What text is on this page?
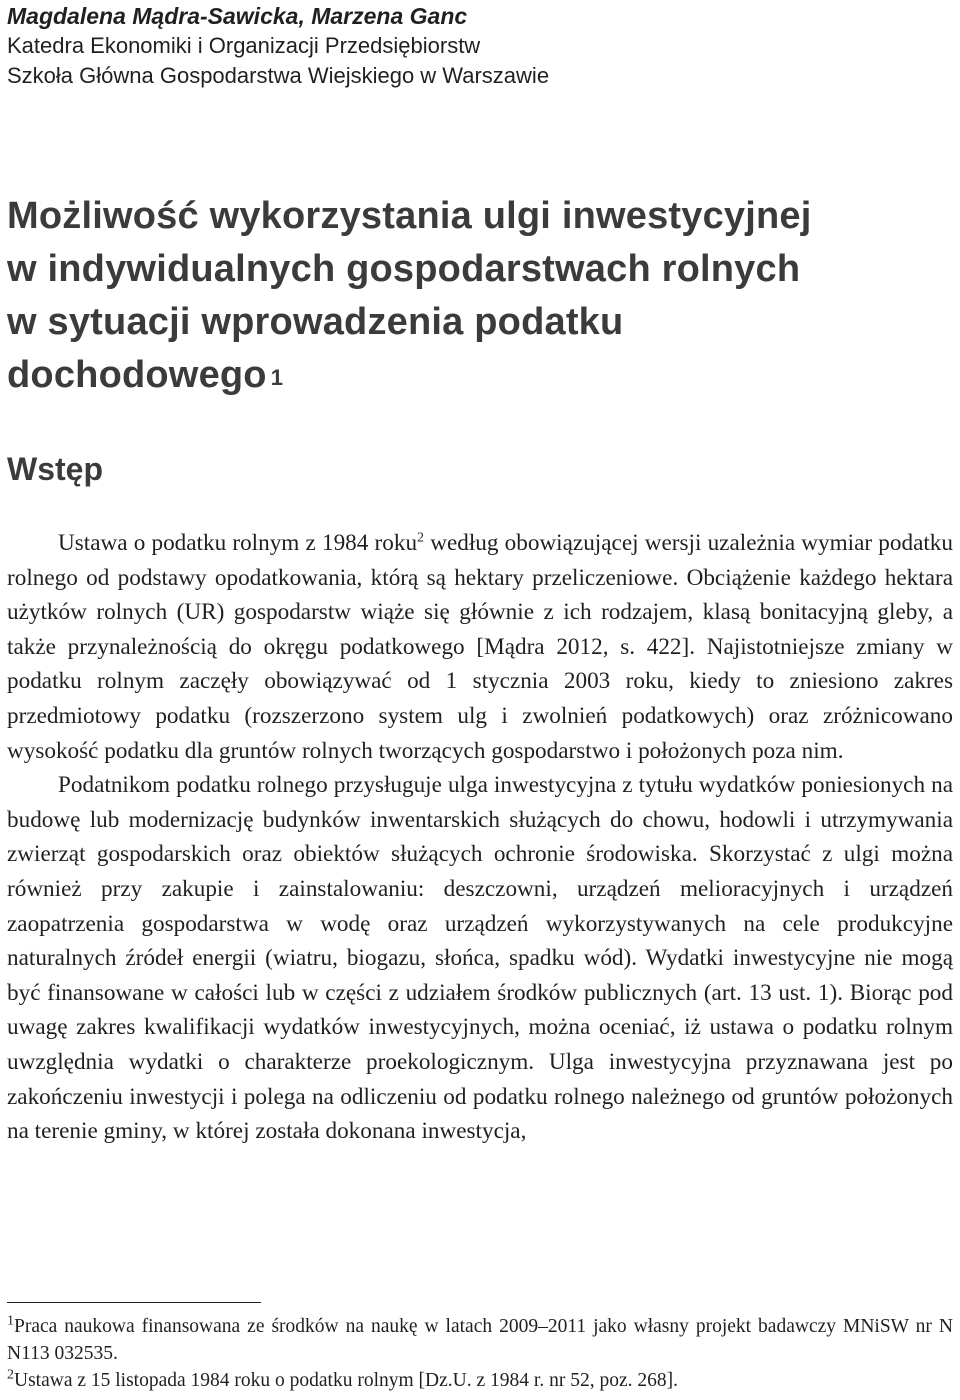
Magdalena Mądra-Sawicka, Marzena Ganc
Katedra Ekonomiki i Organizacji Przedsiębiorstw
Szkoła Główna Gospodarstwa Wiejskiego w Warszawie
Możliwość wykorzystania ulgi inwestycyjnej
w indywidualnych gospodarstwach rolnych
w sytuacji wprowadzenia podatku
dochodowego $^1$
Wstęp

Ustawa o podatku rolnym z 1984 roku$^2$ według obowiązującej wersji uzależnia wymiar podatku rolnego od podstawy opodatkowania, którą są hektary przeliczeniowe. Obciążenie każdego hektara użytków rolnych (UR) gospodarstw wiąże się głównie z ich rodzajem, klasą bonitacyjną gleby, a także przynależnością do okręgu podatkowego [Mądra 2012, s. 422]. Najistotniejsze zmiany w podatku rolnym zaczęły obowiązywać od 1 stycznia 2003 roku, kiedy to zniesiono zakres przedmiotowy podatku (rozszerzono system ulg i zwolnień podatkowych) oraz zróżnicowano wysokość podatku dla gruntów rolnych tworzących gospodarstwo i położonych poza nim.

Podatnikom podatku rolnego przysługuje ulga inwestycyjna z tytułu wydatków poniesionych na budowę lub modernizację budynków inwentarskich służących do chowu, hodowli i utrzymywania zwierząt gospodarskich oraz obiektów służących ochronie środowiska. Skorzystać z ulgi można również przy zakupie i zainstalowaniu: deszczowni, urządzeń melioracyjnych i urządzeń zaopatrzenia gospodarstwa w wodę oraz urządzeń wykorzystywanych na cele produkcyjne naturalnych źródeł energii (wiatru, biogazu, słońca, spadku wód). Wydatki inwestycyjne nie mogą być finansowane w całości lub w części z udziałem środków publicznych (art. 13 ust. 1). Biorąc pod uwagę zakres kwalifikacji wydatków inwestycyjnych, można oceniać, iż ustawa o podatku rolnym uwzględnia wydatki o charakterze proekologicznym. Ulga inwestycyjna przyznawana jest po zakończeniu inwestycji i polega na odliczeniu od podatku rolnego należnego od gruntów położonych na terenie gminy, w której została dokonana inwestycja,

$^1$Praca naukowa finansowana ze środków na naukę w latach 2009–2011 jako własny projekt badawczy MNiSW nr N N113 032535.

$^2$Ustawa z 15 listopada 1984 roku o podatku rolnym [Dz.U. z 1984 r. nr 52, poz. 268].
